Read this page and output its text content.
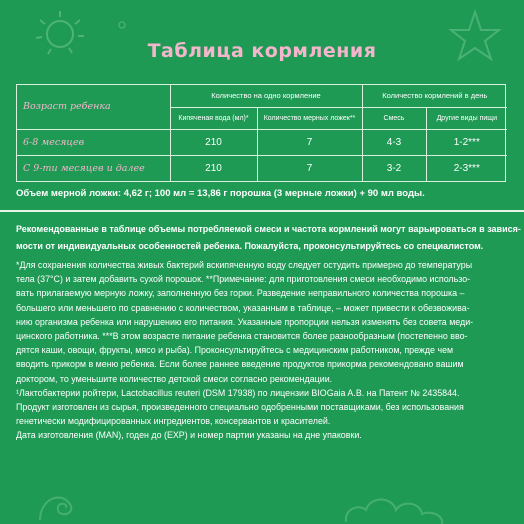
Таблица кормления
Возраст ребенка	Количество на одно кормление		Количество кормлений в день	
	Кипяченая вода (мл)*	Количество мерных ложек**	Смесь	Другие виды пищи
6-8 месяцев	210	7	4-3	1-2***
С 9-ти месяцев и далее	210	7	3-2	2-3***
Объем мерной ложки: 4,62 г; 100 мл = 13,86 г порошка (3 мерные ложки) + 90 мл воды.
Рекомендованные в таблице объемы потребляемой смеси и частота кормлений могут варьироваться в завися-
мости от индивидуальных особенностей ребенка. Пожалуйста, проконсультируйтесь со специалистом.
*Для сохранения количества живых бактерий вскипяченную воду следует остудить примерно до температуры
тела (37°С) и затем добавить сухой порошок. **Примечание: для приготовления смеси необходимо использо-
вать прилагаемую мерную ложку, заполненную без горки. Разведение неправильного количества порошка –
большего или меньшего по сравнению с количеством, указанным в таблице, – может привести к обезвожива-
нию организма ребенка или нарушению его питания. Указанные пропорции нельзя изменять без совета меди-
цинского работника. ***В этом возрасте питание ребенка становится более разнообразным (постепенно вво-
дятся каши, овощи, фрукты, мясо и рыба). Проконсультируйтесь с медицинским работником, прежде чем
вводить прикорм в меню ребенка. Если более раннее введение продуктов прикорма рекомендовано вашим
доктором, то уменьшите количество детской смеси согласно рекомендации.
¹Лактобактерии ройтери, Lactobacillus reuteri (DSM 17938) по лицензии BIOGaia A.B. на Патент № 2435844.
Продукт изготовлен из сырья, произведенного специально одобренными поставщиками, без использования
генетически модифицированных ингредиентов, консервантов и красителей.
Дата изготовления (MAN), годен до (EXP) и номер партии указаны на дне упаковки.
